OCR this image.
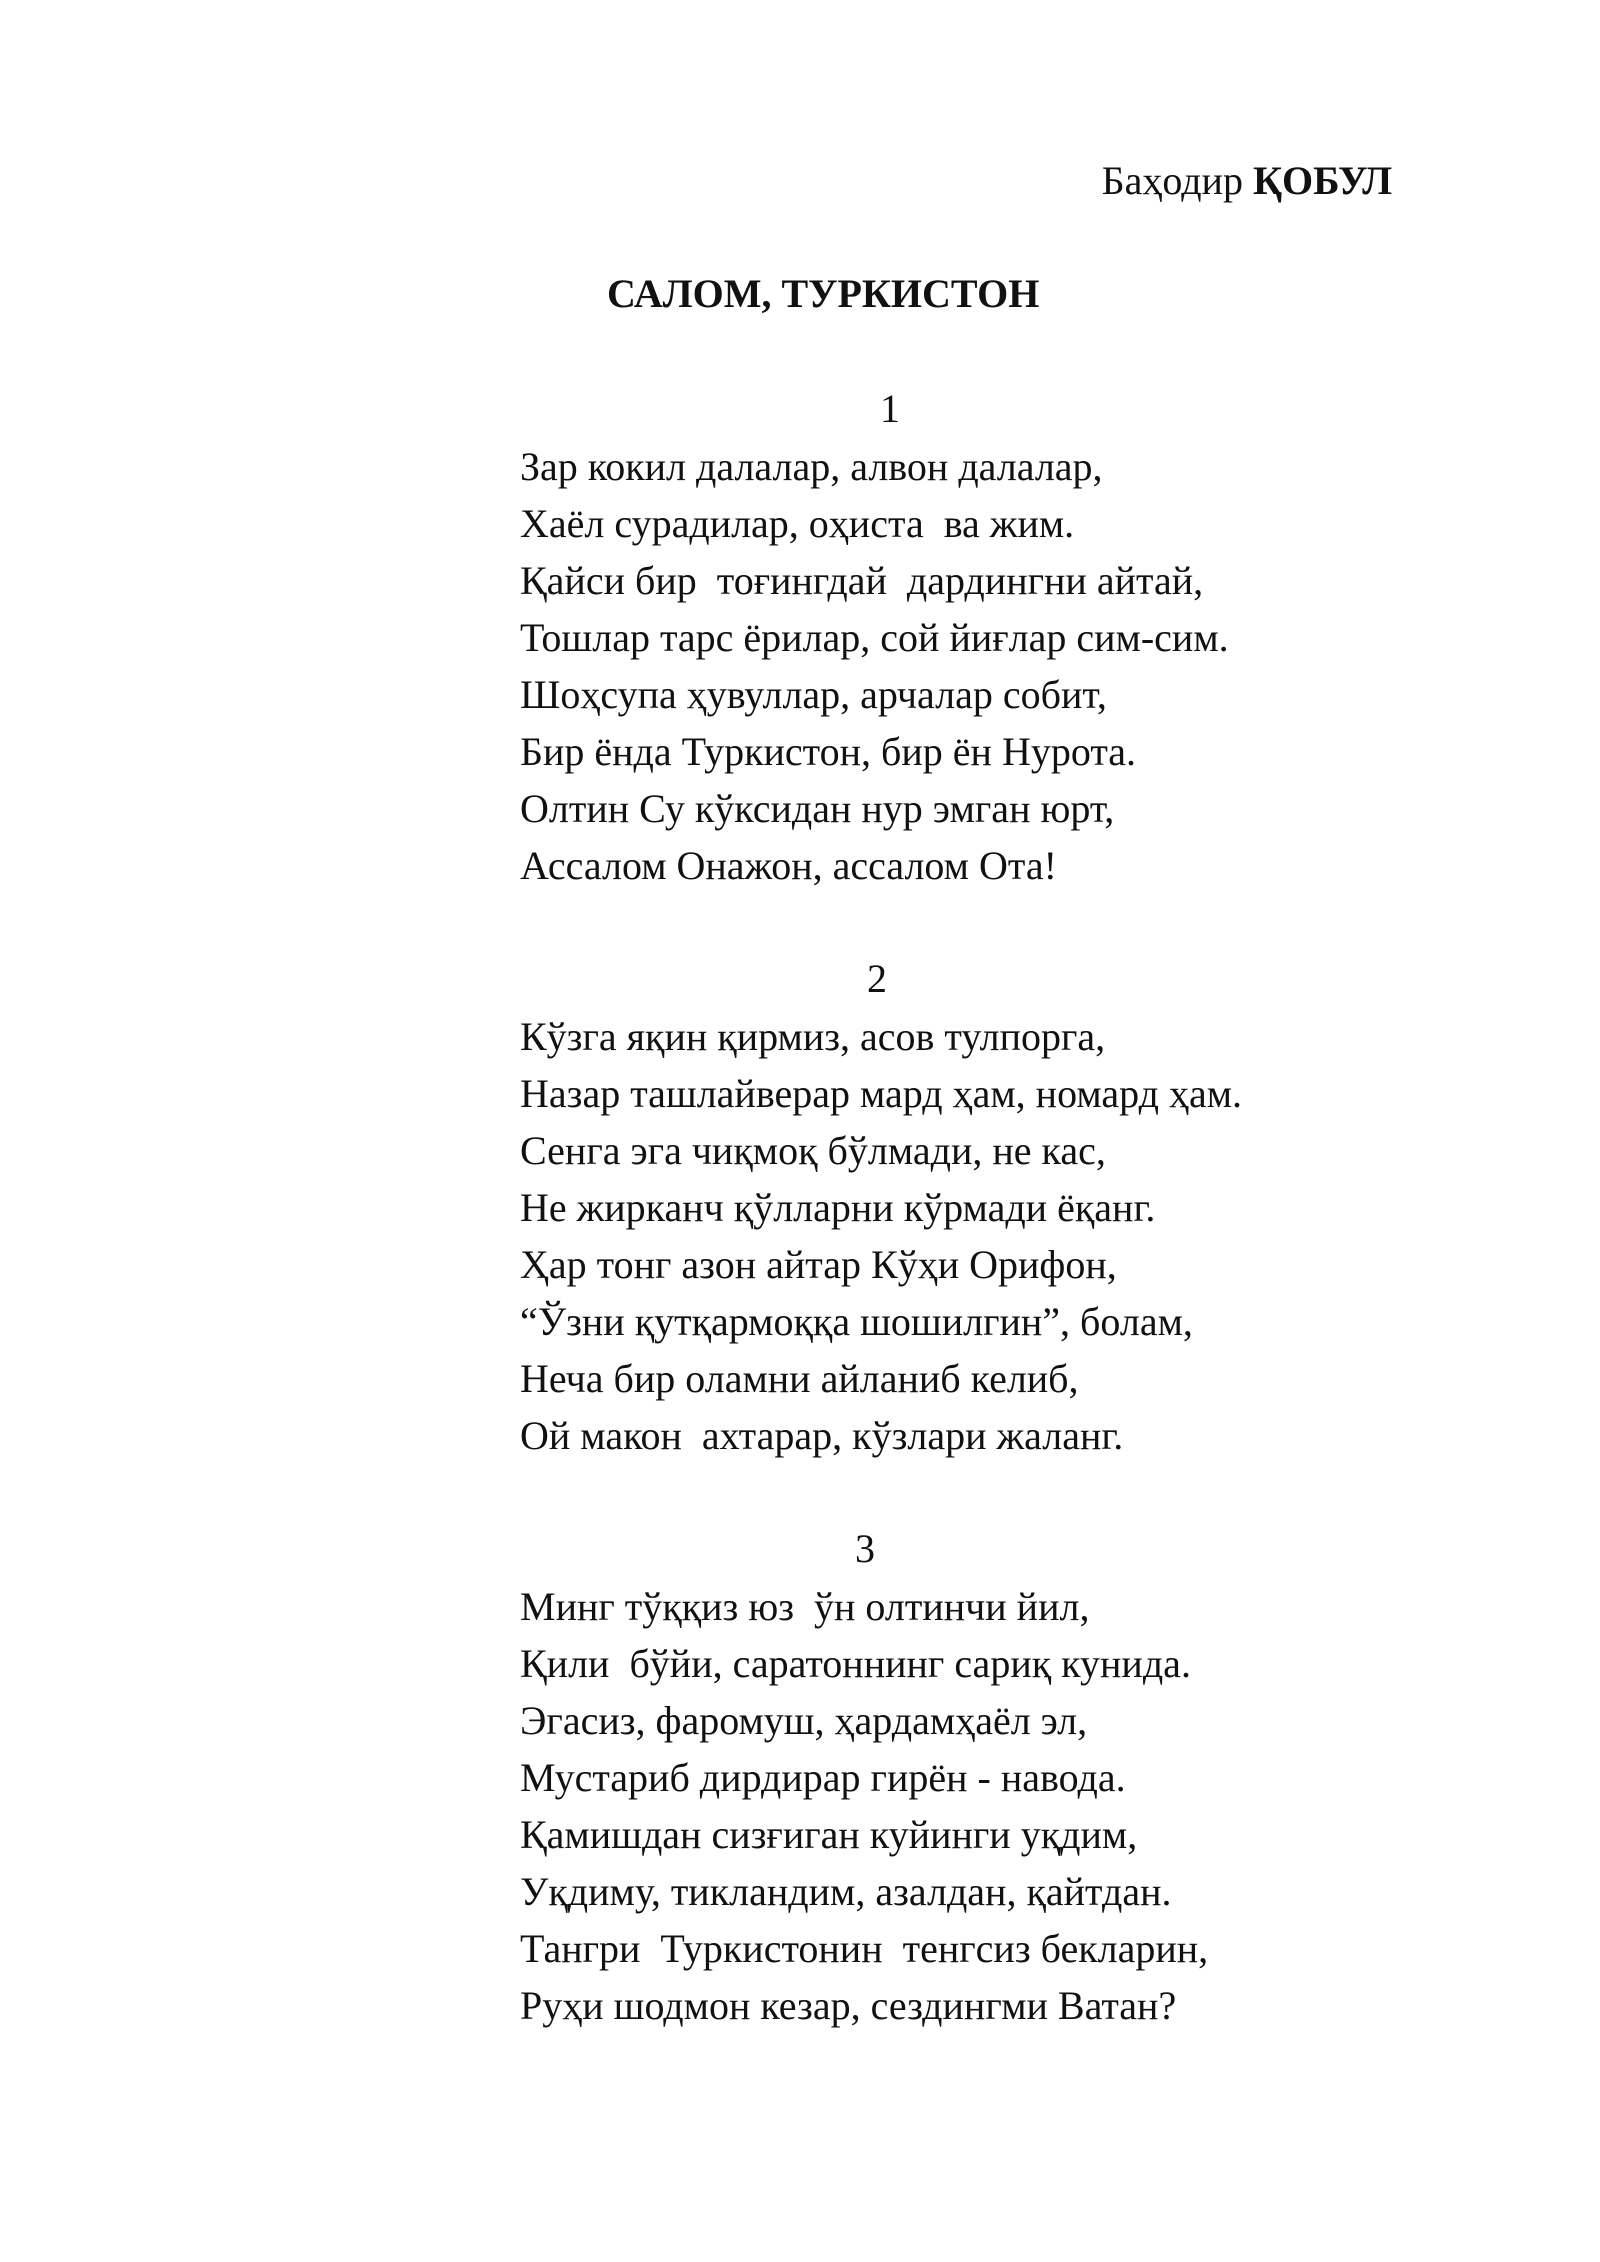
Баҳодир ҚОБУЛ
САЛОМ, ТУРКИСТОН
1
Зар кокил далалар, алвон далалар,
Хаёл сурадилар, оҳиста  ва жим.
Қайси бир  тоғингдай  дардингни айтай,
Тошлар тарс ёрилар, сой йиғлар сим-сим.
Шоҳсупа ҳувуллар, арчалар собит,
Бир ёнда Туркистон, бир ён Нурота.
Олтин Су кўксидан нур эмган юрт,
Ассалом Онажон, ассалом Ота!
2
Кўзга яқин қирмиз, асов тулпорга,
Назар ташлайверар мард ҳам, номард ҳам.
Сенга эга чиқмоқ бўлмади, не кас,
Не жирканч қўлларни кўрмади ёқанг.
Ҳар тонг азон айтар Кўҳи Орифон,
“Ўзни қутқармоққа шошилгин”, болам,
Неча бир оламни айланиб келиб,
Ой макон  ахтарар, кўзлари жаланг.
3
Минг тўққиз юз  ўн олтинчи йил,
Қили  бўйи, саратоннинг сариқ кунида.
Эгасиз, фаромуш, ҳардамҳаёл эл,
Мустариб дирдирар гирён - навода.
Қамишдан сизғиган куйинги уқдим,
Уқдиму, тикландим, азалдан, қайтдан.
Тангри  Туркистонин  тенгсиз бекларин,
Руҳи шодмон кезар, сездингми Ватан?
